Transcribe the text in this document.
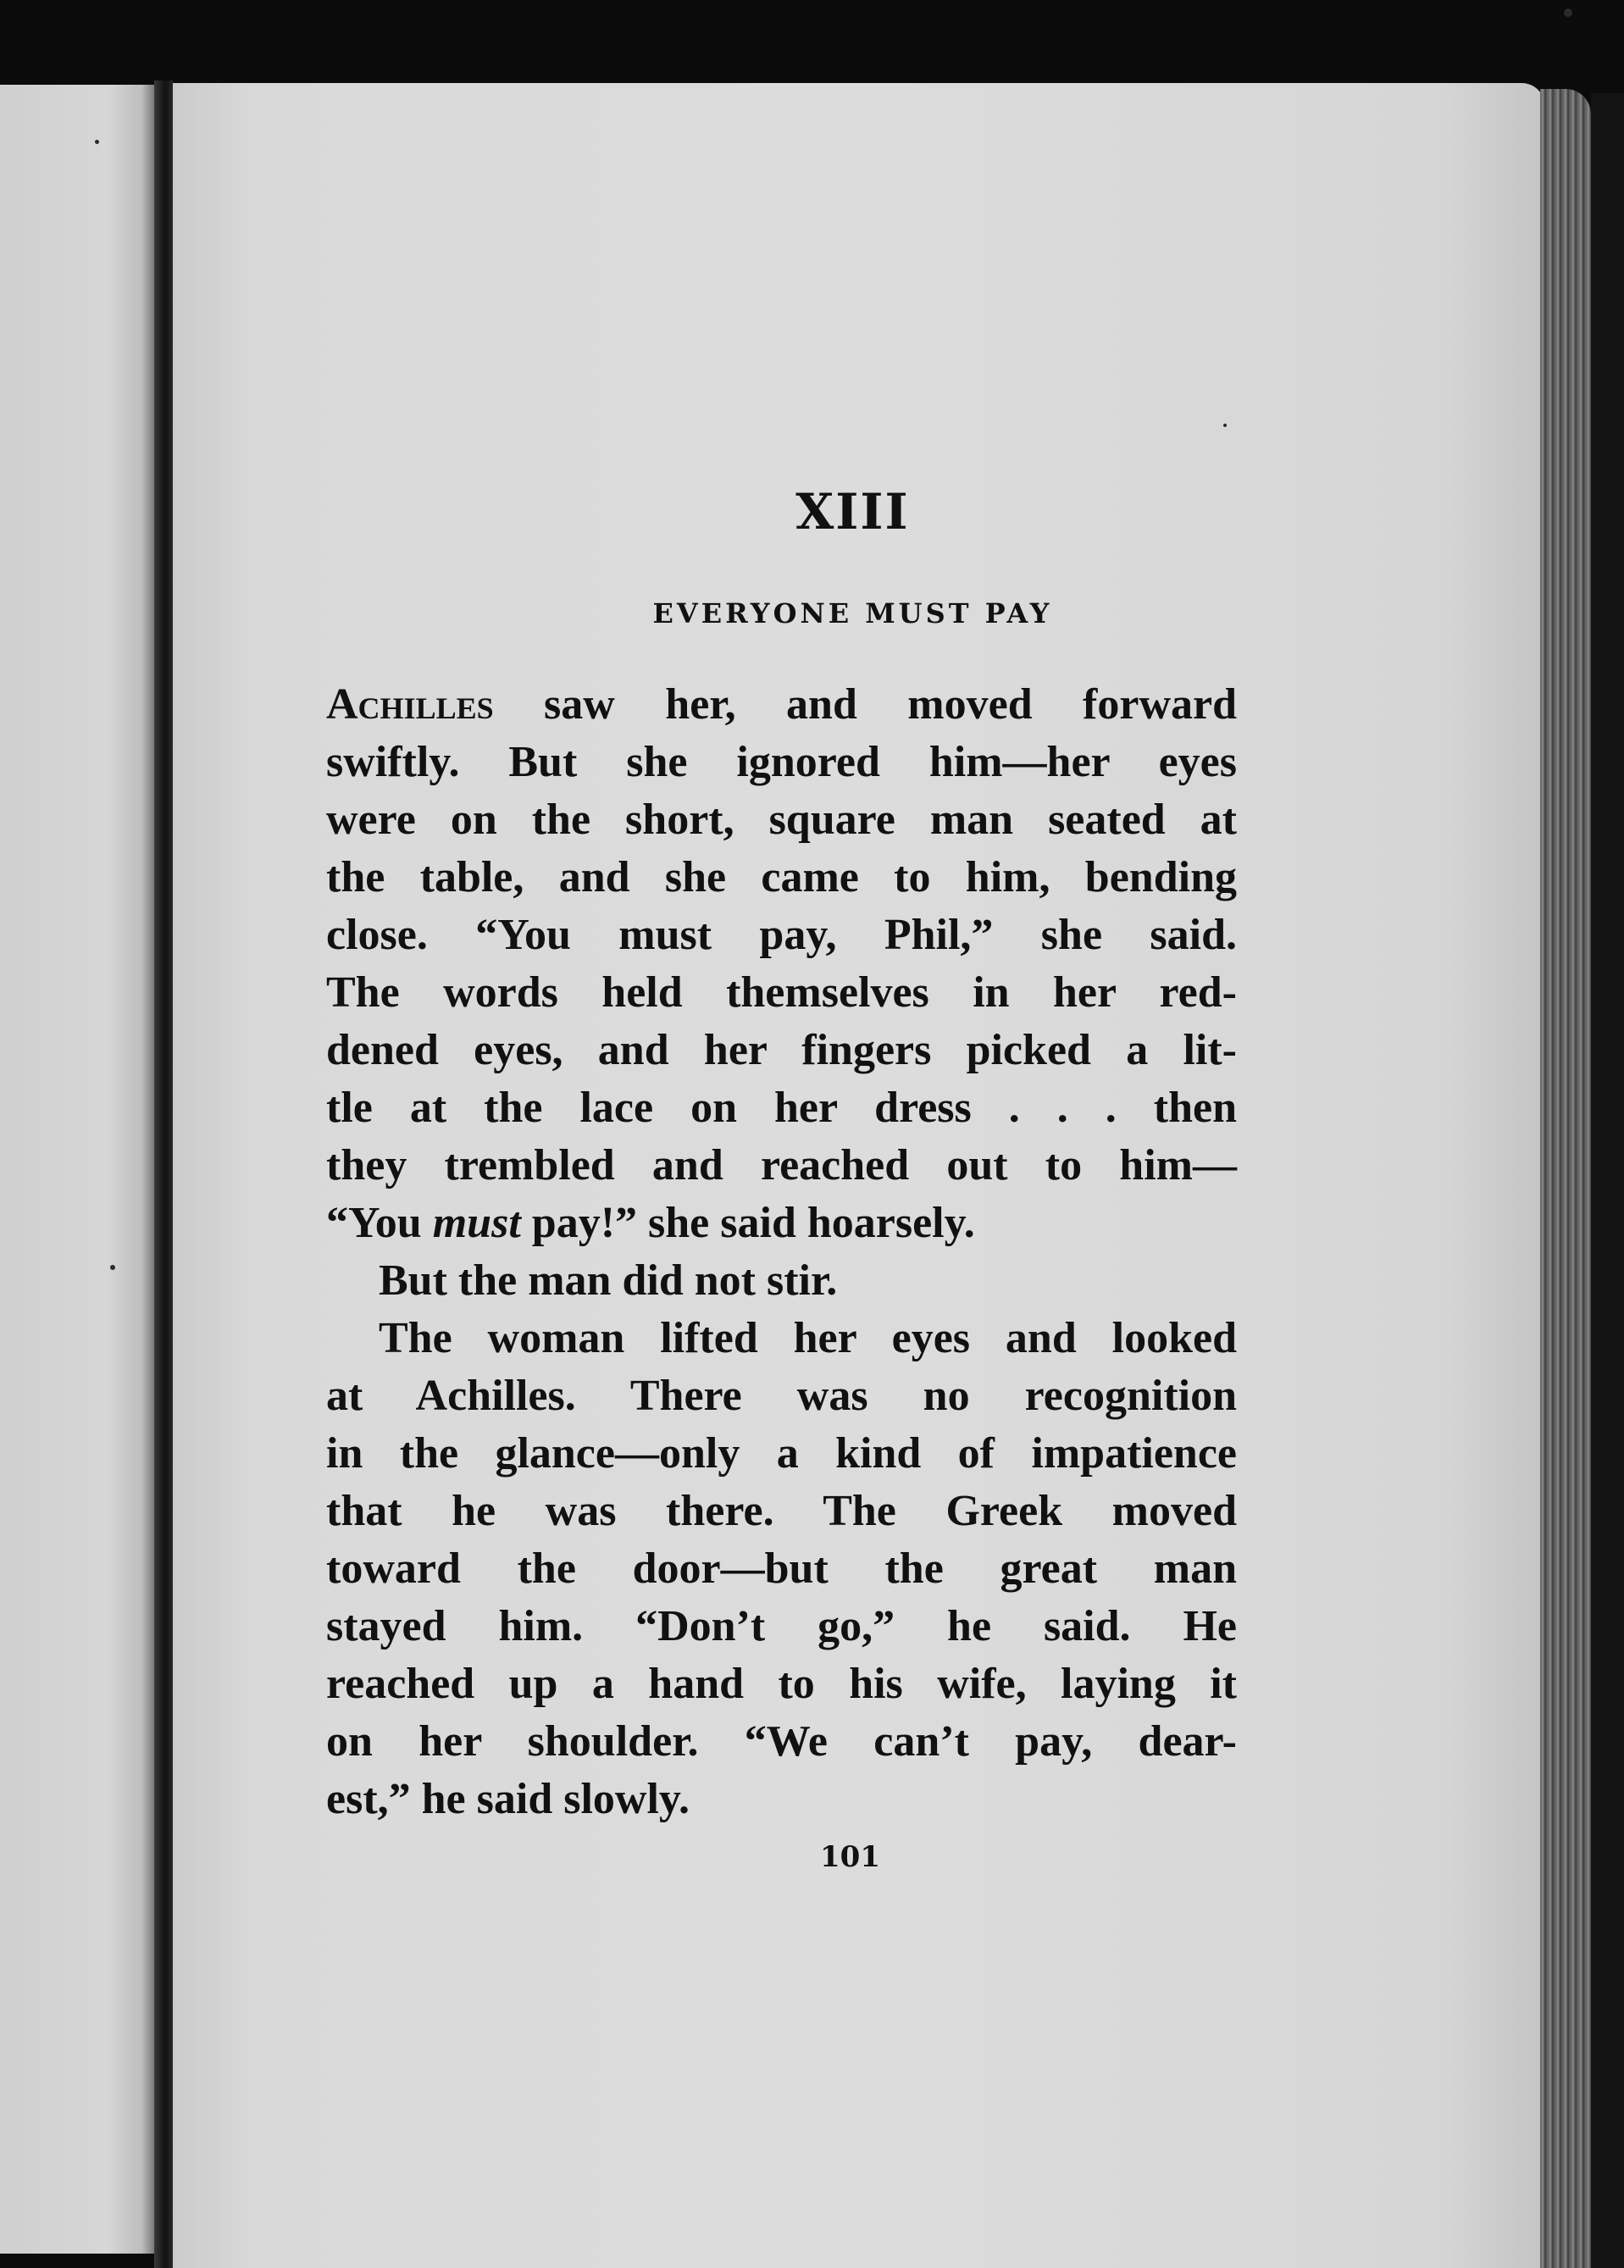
XIII
EVERYONE MUST PAY
Achilles saw her, and moved forward
swiftly. But she ignored him—her eyes
were on the short, square man seated at
the table, and she came to him, bending
close. “You must pay, Phil,” she said.
The words held themselves in her red-
dened eyes, and her fingers picked a lit-
tle at the lace on her dress . . . then
they trembled and reached out to him—
“You must pay!” she said hoarsely.
But the man did not stir.
The woman lifted her eyes and looked
at Achilles. There was no recognition
in the glance—only a kind of impatience
that he was there. The Greek moved
toward the door—but the great man
stayed him. “Don’t go,” he said. He
reached up a hand to his wife, laying it
on her shoulder. “We can’t pay, dear-
est,” he said slowly.
101
